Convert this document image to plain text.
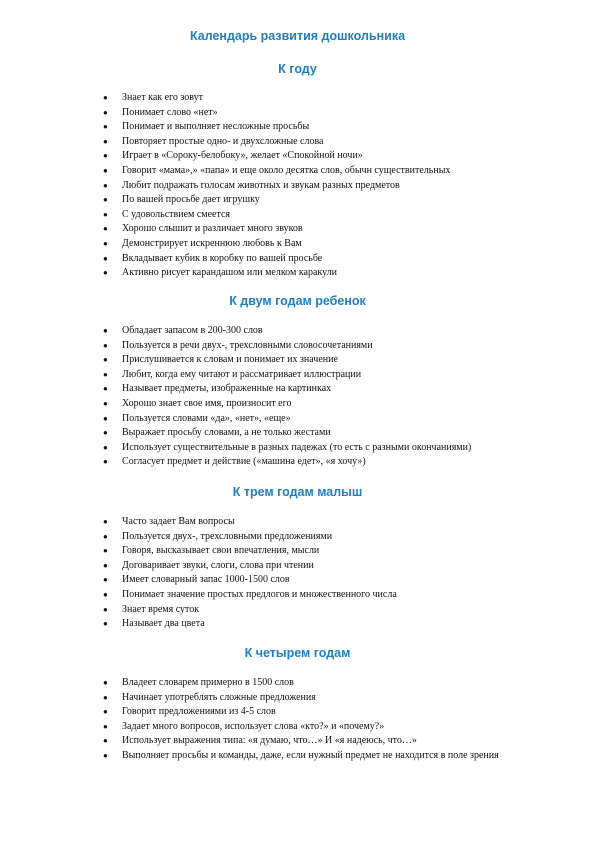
Календарь развития дошкольника
К году
● Знает как его зовут
● Понимает слово «нет»
● Понимает и выполняет несложные просьбы
● Повторяет простые одно- и двухсложные слова
● Играет в «Сороку-белобоку», желает «Спокойной ночи»
● Говорит «мама»,» «папа» и еще около десятка слов, обычн существительных
● Любит подражать голосам животных и звукам разных предметов
● По вашей просьбе дает игрушку
● С удовольствием смеется
● Хорошо слышит и различает много звуков
● Демонстрирует искреннюю любовь к Вам
● Вкладывает кубик в коробку по вашей просьбе
● Активно рисует карандашом или мелком каракули
К двум годам ребенок
● Обладает запасом в 200-300 слов
● Пользуется в речи двух-, трехсловными словосочетаниями
● Прислушивается к словам и понимает их значение
● Любит, когда ему читают и рассматривает иллюстрации
● Называет предметы, изображенные на картинках
● Хорошо знает свое имя, произносит его
● Пользуется словами «да», «нет», «еще»
● Выражает просьбу словами, а не только жестами
● Использует существительные в разных падежах (то есть с разными окончаниями)
● Согласует предмет и действие («машина едет», «я хочу»)
К трем годам малыш
● Часто задает Вам вопросы
● Пользуется двух-, трехсловными предложениями
● Говоря, высказывает свои впечатления, мысли
● Договаривает звуки, слоги, слова при чтении
● Имеет словарный запас 1000-1500 слов
● Понимает значение простых предлогов и множественного числа
● Знает время суток
● Называет два цвета
К четырем годам
● Владеет словарем примерно в 1500 слов
● Начинает употреблять сложные предложения
● Говорит предложениями из 4-5 слов
● Задает много вопросов, использует слова «кто?» и «почему?»
● Использует выражения типа: «я думаю, что…» И «я надеюсь, что…»
● Выполняет просьбы и команды, даже, если нужный предмет не находится в поле зрения
